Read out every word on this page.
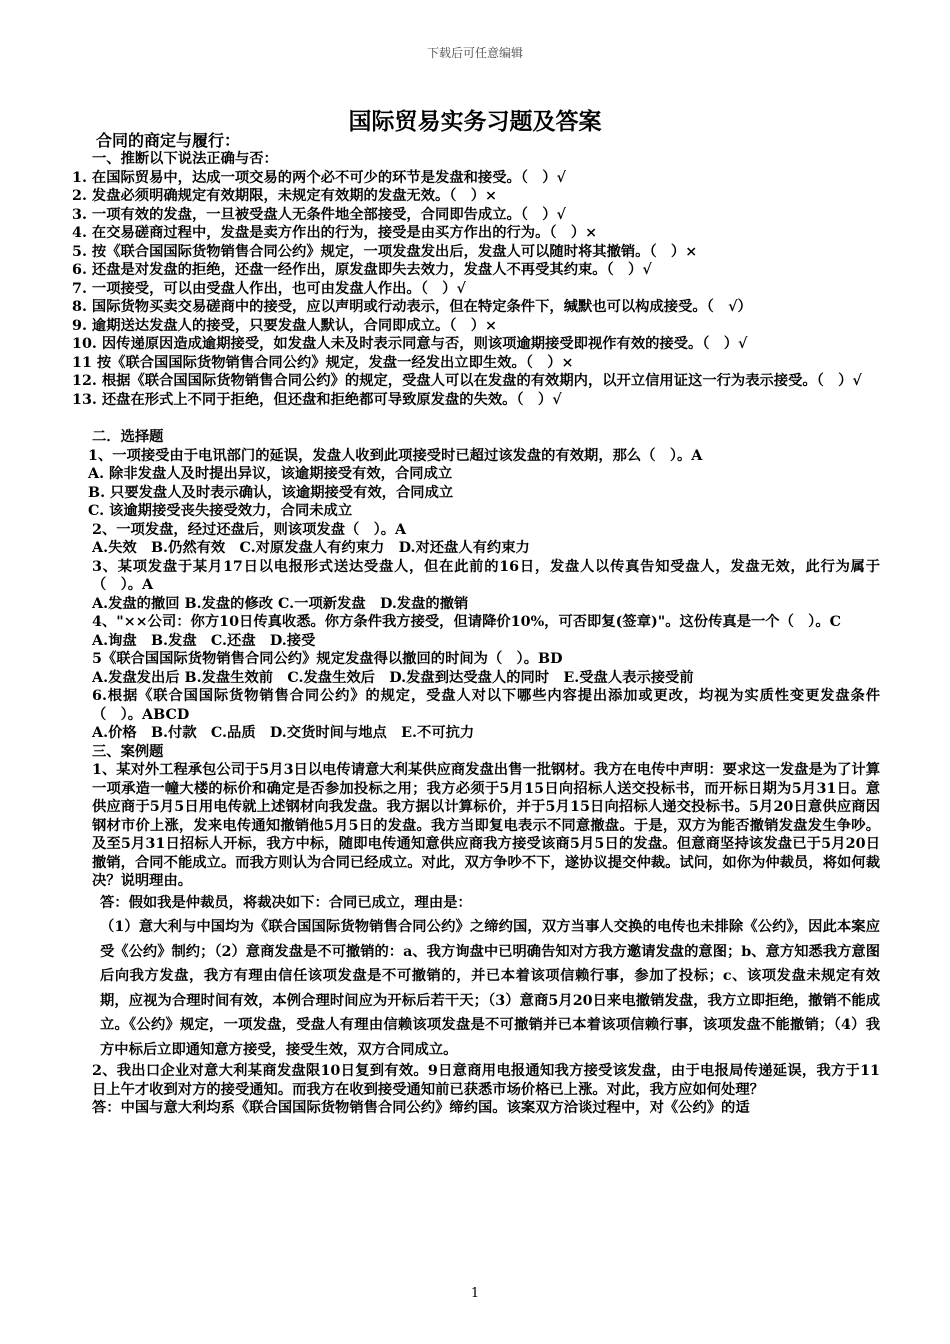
下载后可任意编辑
国际贸易实务习题及答案
合同的商定与履行：
一、推断以下说法正确与否：
1. 在国际贸易中，达成一项交易的两个必不可少的环节是发盘和接受。（　）√
2. 发盘必须明确规定有效期限，未规定有效期的发盘无效。（　）×
3. 一项有效的发盘，一旦被受盘人无条件地全部接受，合同即告成立。（　）√
4. 在交易磋商过程中，发盘是卖方作出的行为，接受是由买方作出的行为。（　）×
5. 按《联合国国际货物销售合同公约》规定，一项发盘发出后，发盘人可以随时将其撤销。（　）×
6. 还盘是对发盘的拒绝，还盘一经作出，原发盘即失去效力，发盘人不再受其约束。（　）√
7. 一项接受，可以由受盘人作出，也可由发盘人作出。（　）√
8. 国际货物买卖交易磋商中的接受，应以声明或行动表示，但在特定条件下，缄默也可以构成接受。（　√）
9. 逾期送达发盘人的接受，只要发盘人默认，合同即成立。（　）×
10. 因传递原因造成逾期接受，如发盘人未及时表示同意与否，则该项逾期接受即视作有效的接受。（　）√
11 按《联合国国际货物销售合同公约》规定，发盘一经发出立即生效。（　）×
12. 根据《联合国国际货物销售合同公约》的规定，受盘人可以在发盘的有效期内，以开立信用证这一行为表示接受。（　）√
13. 还盘在形式上不同于拒绝，但还盘和拒绝都可导致原发盘的失效。（　）√
二．选择题
1、一项接受由于电讯部门的延误，发盘人收到此项接受时已超过该发盘的有效期，那么（　）。A
A. 除非发盘人及时提出异议，该逾期接受有效，合同成立
B. 只要发盘人及时表示确认，该逾期接受有效，合同成立
C. 该逾期接受丧失接受效力，合同未成立
2、一项发盘，经过还盘后，则该项发盘（　）。A
A.失效　B.仍然有效　C.对原发盘人有约束力　D.对还盘人有约束力
3、某项发盘于某月17日以电报形式送达受盘人，但在此前的16日，发盘人以传真告知受盘人，发盘无效，此行为属于（　）。A
A.发盘的撤回 B.发盘的修改 C.一项新发盘　D.发盘的撤销
4、"××公司：你方10日传真收悉。你方条件我方接受，但请降价10%，可否即复(签章)"。这份传真是一个（　）。C
A.询盘　B.发盘　C.还盘　D.接受
5《联合国国际货物销售合同公约》规定发盘得以撤回的时间为（　）。BD
A.发盘发出后 B.发盘生效前　C.发盘生效后　D.发盘到达受盘人的同时　E.受盘人表示接受前
6.根据《联合国国际货物销售合同公约》的规定，受盘人对以下哪些内容提出添加或更改，均视为实质性变更发盘条件（　）。ABCD
A.价格　B.付款　C.品质　D.交货时间与地点　E.不可抗力
三、案例题
1、某对外工程承包公司于5月3日以电传请意大利某供应商发盘出售一批钢材。我方在电传中声明：要求这一发盘是为了计算一项承造一幢大楼的标价和确定是否参加投标之用；我方必须于5月15日向招标人送交投标书，而开标日期为5月31日。意供应商于5月5日用电传就上述钢材向我发盘。我方据以计算标价，并于5月15日向招标人递交投标书。5月20日意供应商因钢材市价上涨，发来电传通知撤销他5月5日的发盘。我方当即复电表示不同意撤盘。于是，双方为能否撤销发盘发生争吵。及至5月31日招标人开标，我方中标，随即电传通知意供应商我方接受该商5月5日的发盘。但意商坚持该发盘已于5月20日撤销，合同不能成立。而我方则认为合同已经成立。对此，双方争吵不下，遂协议提交仲裁。试问，如你为仲裁员，将如何裁决？说明理由。
答：假如我是仲裁员，将裁决如下：合同已成立，理由是：
（1）意大利与中国均为《联合国国际货物销售合同公约》之缔约国，双方当事人交换的电传也未排除《公约》，因此本案应受《公约》制约；（2）意商发盘是不可撤销的：a、我方询盘中已明确告知对方我方邀请发盘的意图；b、意方知悉我方意图后向我方发盘，我方有理由信任该项发盘是不可撤销的，并已本着该项信赖行事，参加了投标；c、该项发盘未规定有效期，应视为合理时间有效，本例合理时间应为开标后若干天；（3）意商5月20日来电撤销发盘，我方立即拒绝，撤销不能成立。《公约》规定，一项发盘，受盘人有理由信赖该项发盘是不可撤销并已本着该项信赖行事，该项发盘不能撤销；（4）我方中标后立即通知意方接受，接受生效，双方合同成立。
2、我出口企业对意大利某商发盘限10日复到有效。9日意商用电报通知我方接受该发盘，由于电报局传递延误，我方于11日上午才收到对方的接受通知。而我方在收到接受通知前已获悉市场价格已上涨。对此，我方应如何处理？
答：中国与意大利均系《联合国国际货物销售合同公约》缔约国。该案双方洽谈过程中，对《公约》的适
1
